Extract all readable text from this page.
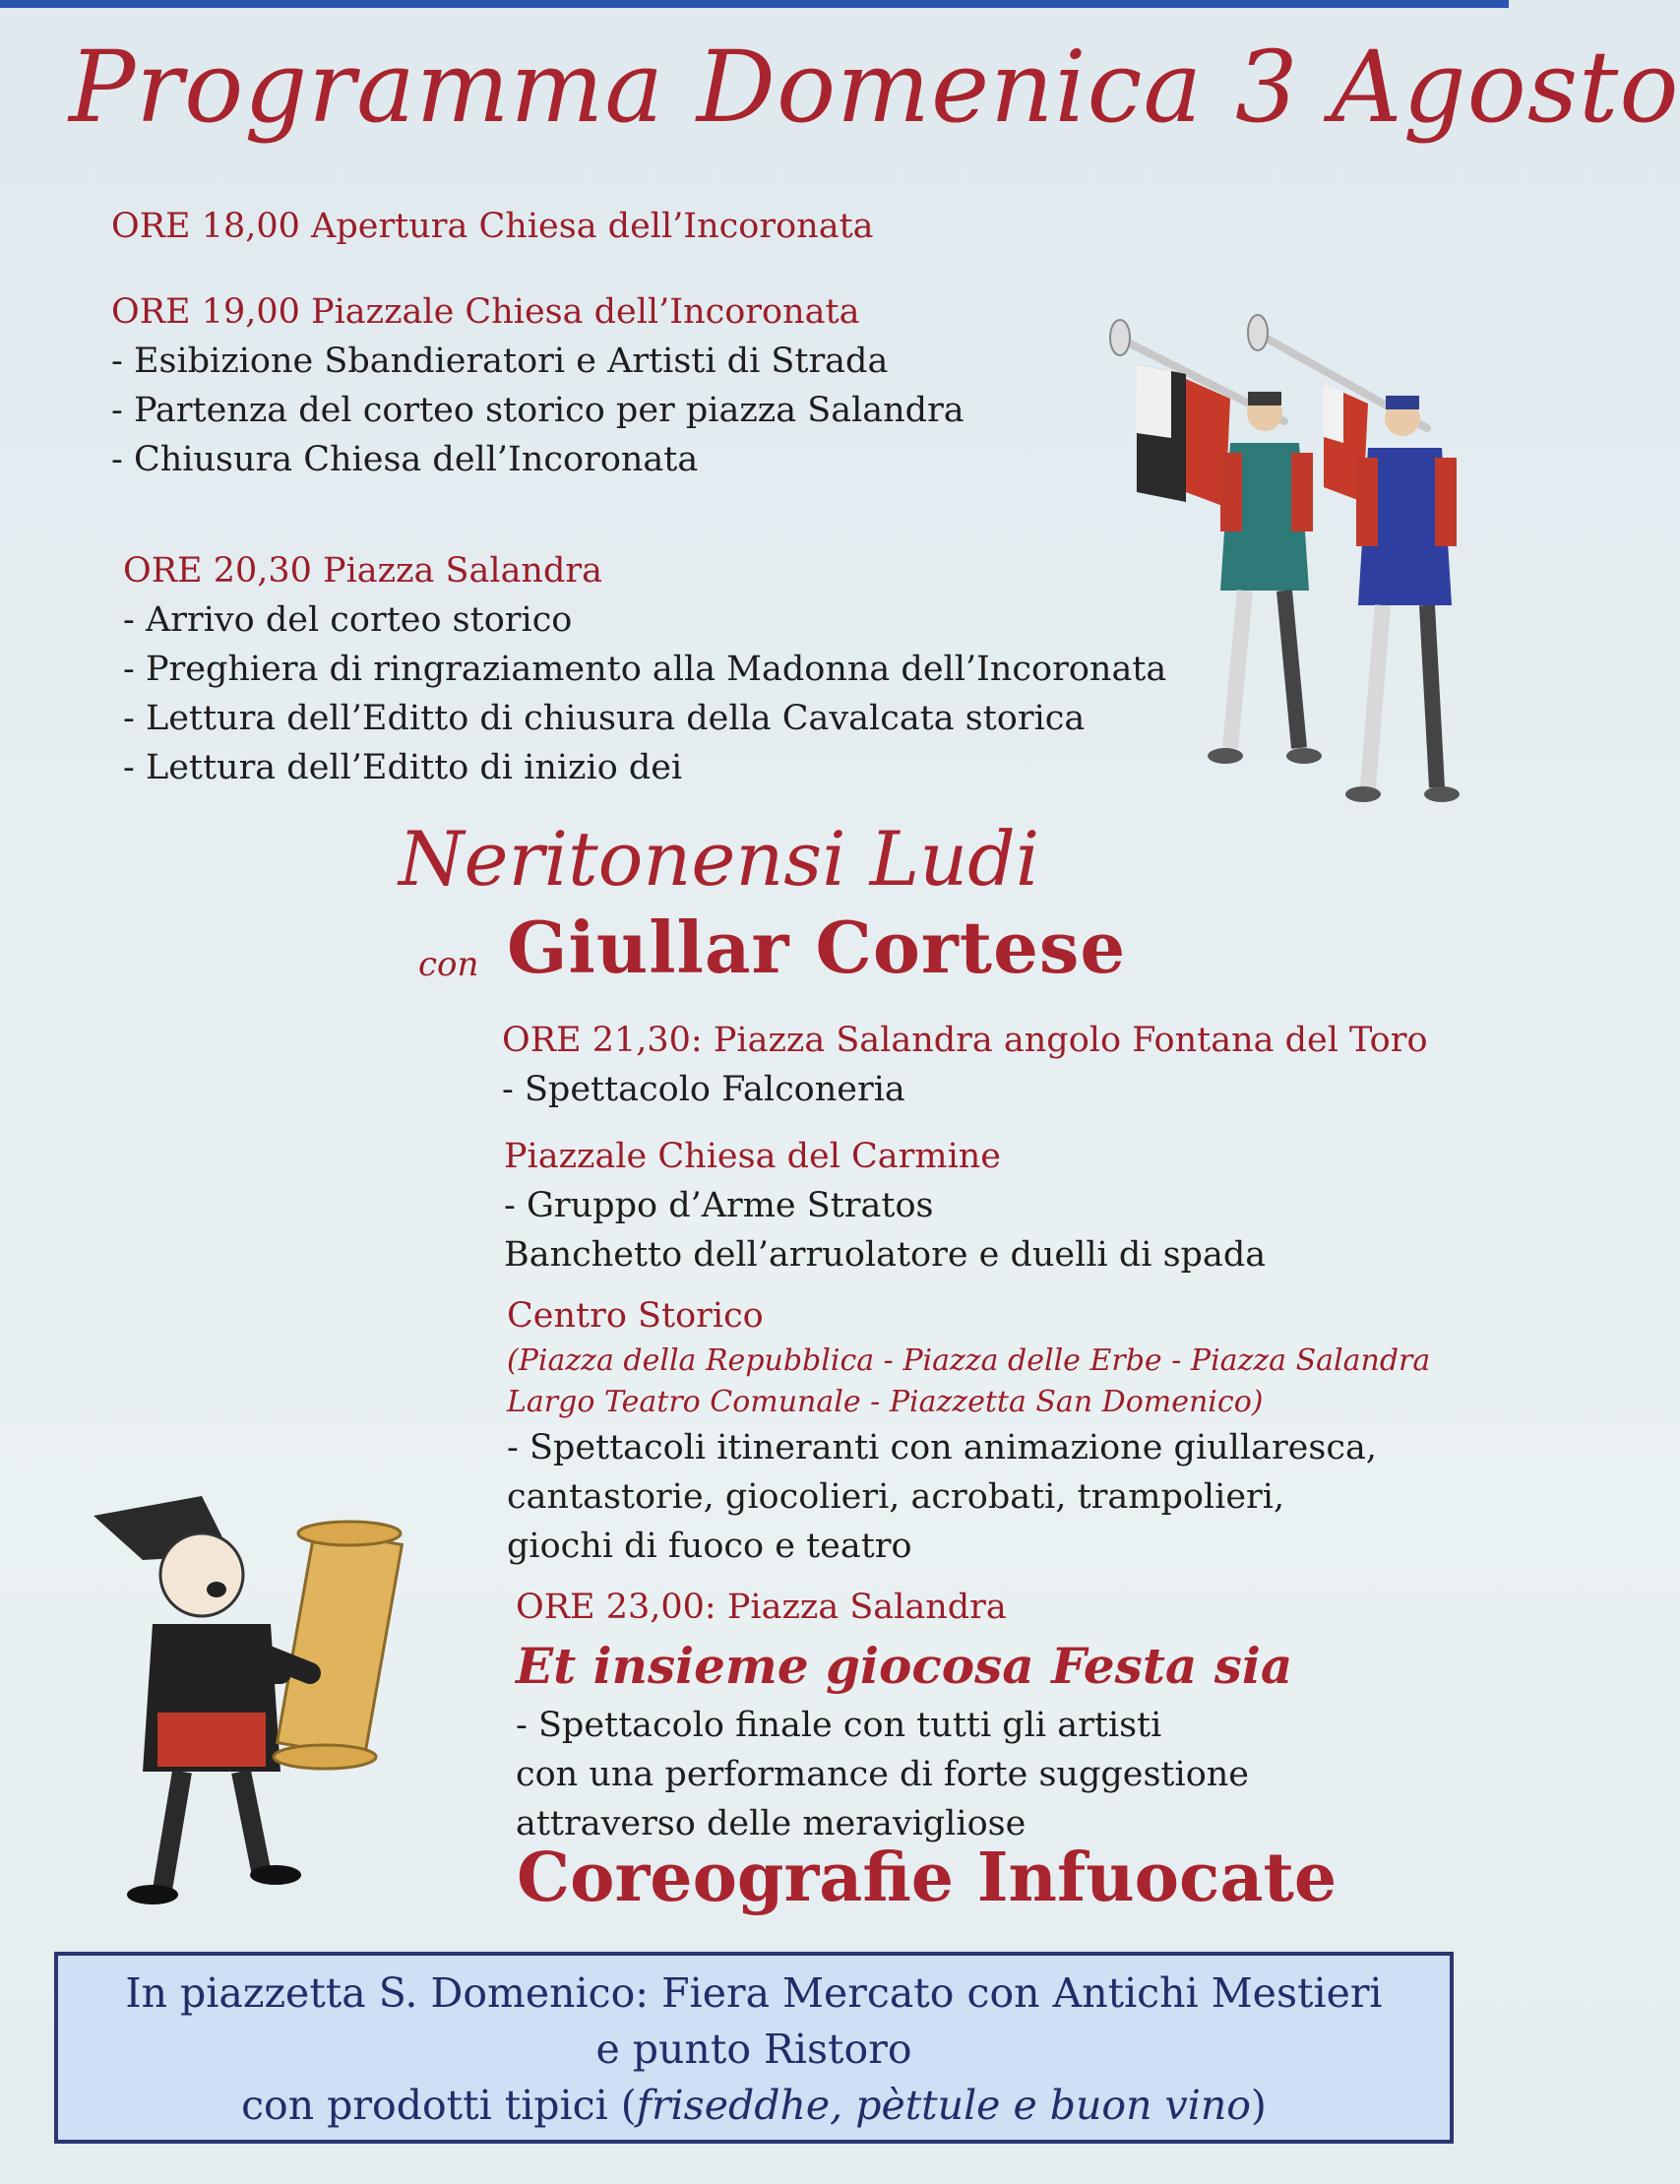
Programma Domenica 3 Agosto
ORE 18,00 Apertura Chiesa dell’Incoronata
ORE 19,00 Piazzale Chiesa dell’Incoronata
- Esibizione Sbandieratori e Artisti di Strada
- Partenza del corteo storico per piazza Salandra
- Chiusura Chiesa dell’Incoronata
ORE 20,30 Piazza Salandra
- Arrivo del corteo storico
- Preghiera di ringraziamento alla Madonna dell’Incoronata
- Lettura dell’Editto di chiusura della Cavalcata storica
- Lettura dell’Editto di inizio dei
Neritonensi Ludi
con Giullar Cortese
ORE 21,30: Piazza Salandra angolo Fontana del Toro
- Spettacolo Falconeria
Piazzale Chiesa del Carmine
- Gruppo d’Arme Stratos
Banchetto dell’arruolatore e duelli di spada
Centro Storico
(Piazza della Repubblica - Piazza delle Erbe - Piazza Salandra
Largo Teatro Comunale - Piazzetta San Domenico)
- Spettacoli itineranti con animazione giullaresca,
cantastorie, giocolieri, acrobati, trampolieri,
giochi di fuoco e teatro
ORE 23,00: Piazza Salandra
Et insieme giocosa Festa sia
- Spettacolo finale con tutti gli artisti
con una performance di forte suggestione
attraverso delle meravigliose
Coreografie Infuocate
In piazzetta S. Domenico: Fiera Mercato con Antichi Mestieri
e punto Ristoro
con prodotti tipici (friseddhe, pèttule e buon vino)
